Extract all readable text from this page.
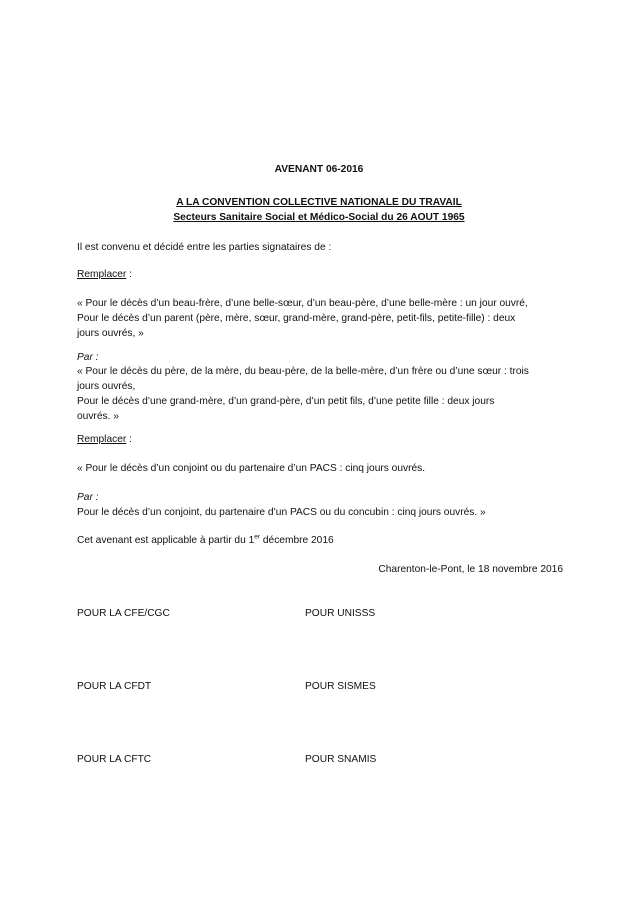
AVENANT 06-2016
A LA CONVENTION COLLECTIVE NATIONALE DU TRAVAIL
Secteurs Sanitaire Social et Médico-Social du 26 AOUT 1965
Il est convenu et décidé entre les parties signataires de :
Remplacer :
« Pour le décès d’un beau-frère, d’une belle-sœur, d’un beau-père, d’une belle-mère : un jour ouvré,
Pour le décès d’un parent (père, mère, sœur, grand-mère, grand-père, petit-fils, petite-fille) : deux
jours ouvrés, »
Par :
« Pour le décès du père, de la mère, du beau-père, de la belle-mère, d’un frère ou d’une sœur : trois
jours ouvrés,
Pour le décès d’une grand-mère, d’un grand-père, d’un petit fils, d’une petite fille : deux jours
ouvrés. »
Remplacer :
« Pour le décès d’un conjoint ou du partenaire d’un PACS : cinq jours ouvrés.
Par :
Pour le décès d’un conjoint, du partenaire d’un PACS ou du concubin : cinq jours ouvrés. »
Cet avenant est applicable à partir du 1er décembre 2016
Charenton-le-Pont, le 18 novembre 2016
POUR LA CFE/CGC	POUR UNISSS
POUR LA CFDT	POUR SISMES
POUR LA CFTC	POUR SNAMIS
